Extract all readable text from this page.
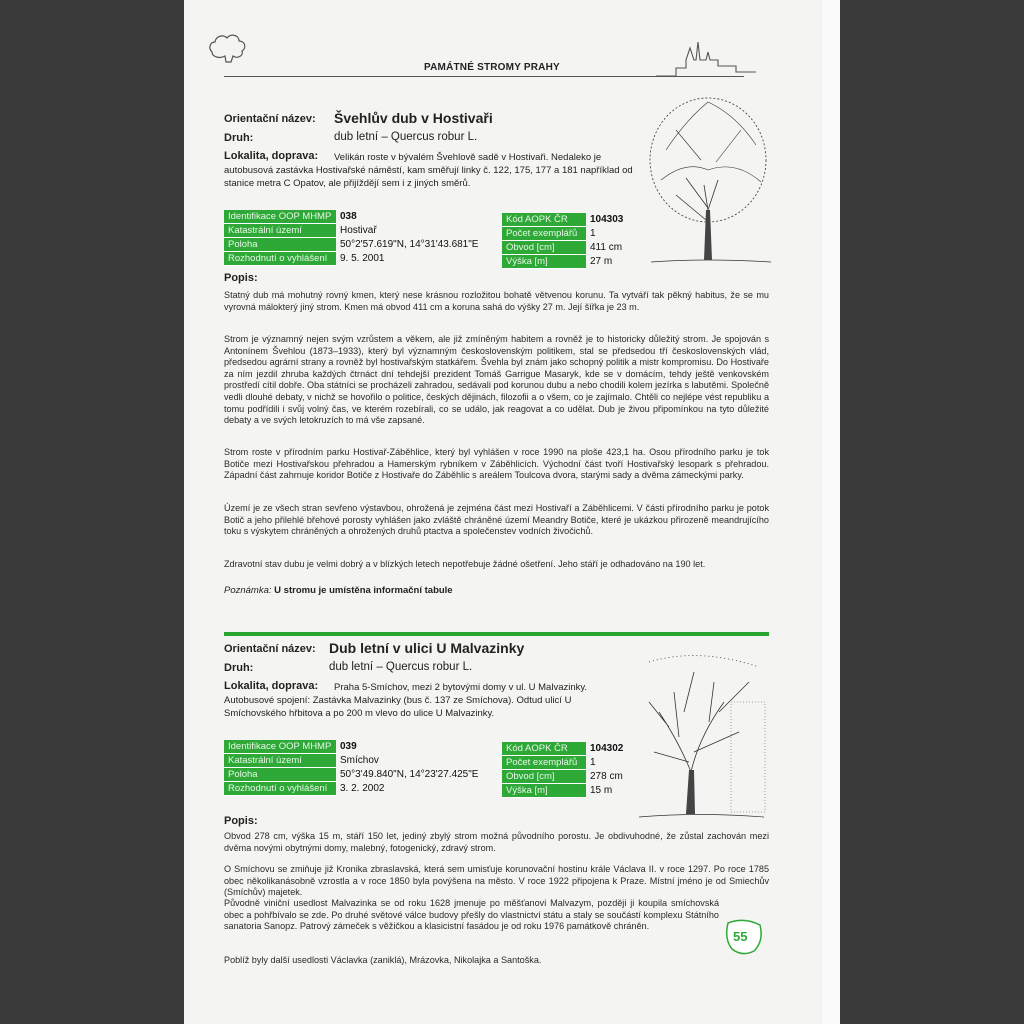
PAMÁTNÉ STROMY PRAHY
Orientační název: Švehlův dub v Hostivaři
Druh:	dub letní – Quercus robur L.
Lokalita, doprava:	Velikán roste v bývalém Švehlově sadě v Hostivaři. Nedaleko je autobusová zastávka Hostivařské náměstí, kam směřují linky č. 122, 175, 177 a 181 například od stanice metra C Opatov, ale přijíždějí sem i z jiných směrů.
Identifikace OOP MHMP	038
Katastrální území	Hostivař
Poloha	50°2'57.619"N, 14°31'43.681"E
Rozhodnutí o vyhlášení	9. 5. 2001
Kód AOPK ČR	104303
Počet exemplářů	1
Obvod [cm]	411 cm
Výška [m]	27 m
Popis:
Statný dub má mohutný rovný kmen, který nese krásnou rozložitou bohatě větvenou korunu. Ta vytváří tak pěkný habitus, že se mu vyrovná málokterý jiný strom. Kmen má obvod 411 cm a koruna sahá do výšky 27 m. Její šířka je 23 m.
Strom je významný nejen svým vzrůstem a věkem, ale již zmíněným habitem a rovněž je to historicky důležitý strom. Je spojován s Antonínem Švehlou (1873–1933), který byl významným československým politikem, stal se předsedou tří československých vlád, předsedou agrární strany a rovněž byl hostivařským statkářem. Švehla byl znám jako schopný politik a mistr kompromisu. Do Hostivaře za ním jezdil zhruba každých čtrnáct dní tehdejší prezident Tomáš Garrigue Masaryk, kde se v domácím, tehdy ještě venkovském prostředí cítil dobře. Oba státníci se procházeli zahradou, sedávali pod korunou dubu a nebo chodili kolem jezírka s labutěmi. Společně vedli dlouhé debaty, v nichž se hovořilo o politice, českých dějinách, filozofii a o všem, co je zajímalo. Chtěli co nejlépe vést republiku a tomu podřídili i svůj volný čas, ve kterém rozebírali, co se událo, jak reagovat a co udělat. Dub je živou připomínkou na tyto důležité debaty a ve svých letokruzích to má vše zapsané.
Strom roste v přírodním parku Hostivař-Záběhlice, který byl vyhlášen v roce 1990 na ploše 423,1 ha. Osou přírodního parku je tok Botiče mezi Hostivařskou přehradou a Hamerským rybníkem v Záběhlicích. Východní část tvoří Hostivařský lesopark s přehradou. Západní část zahrnuje koridor Botiče z Hostivaře do Záběhlic s areálem Toulcova dvora, starými sady a dvěma zámeckými parky.
Území je ze všech stran sevřeno výstavbou, ohrožená je zejména část mezi Hostivaří a Záběhlicemi. V části přírodního parku je potok Botič a jeho přilehlé břehové porosty vyhlášen jako zvláště chráněné území Meandry Botiče, které je ukázkou přirozeně meandrujícího toku s výskytem chráněných a ohrožených druhů ptactva a společenstev vodních živočichů.
Zdravotní stav dubu je velmi dobrý a v blízkých letech nepotřebuje žádné ošetření. Jeho stáří je odhadováno na 190 let.
Poznámka: U stromu je umístěna informační tabule
Orientační název: Dub letní v ulici U Malvazinky
Druh:	dub letní – Quercus robur L.
Lokalita, doprava:	Praha 5-Smíchov, mezi 2 bytovými domy v ul. U Malvazinky. Autobusové spojení: Zastávka Malvazinky (bus č. 137 ze Smíchova). Odtud ulicí U Smíchovského hřbitova a po 200 m vlevo do ulice U Malvazinky.
Identifikace OOP MHMP	039
Katastrální území	Smíchov
Poloha	50°3'49.840"N, 14°23'27.425"E
Rozhodnutí o vyhlášení	3. 2. 2002
Kód AOPK ČR	104302
Počet exemplářů	1
Obvod [cm]	278 cm
Výška [m]	15 m
Popis:
Obvod 278 cm, výška 15 m, stáří 150 let, jediný zbylý strom možná původního porostu. Je obdivuhodné, že zůstal zachován mezi dvěma novými obytnými domy, malebný, fotogenický, zdravý strom.
O Smíchovu se zmiňuje již Kronika zbraslavská, která sem umisťuje korunovační hostinu krále Václava II. v roce 1297. Po roce 1785 obec několikanásobně vzrostla a v roce 1850 byla povýšena na město. V roce 1922 připojena k Praze. Místní jméno je od Smiechův (Smíchův) majetek.
Původně viniční usedlost Malvazinka se od roku 1628 jmenuje po měšťanovi Malvazym, později ji koupila smíchovská obec a pohřbívalo se zde. Po druhé světové válce budovy přešly do vlastnictví státu a staly se součástí komplexu Státního sanatoria Sanopz. Patrový zámeček s věžičkou a klasicistní fasádou je od roku 1976 památkově chráněn.
Poblíž byly další usedlosti Václavka (zaniklá), Mrázovka, Nikolajka a Santoška.
55
